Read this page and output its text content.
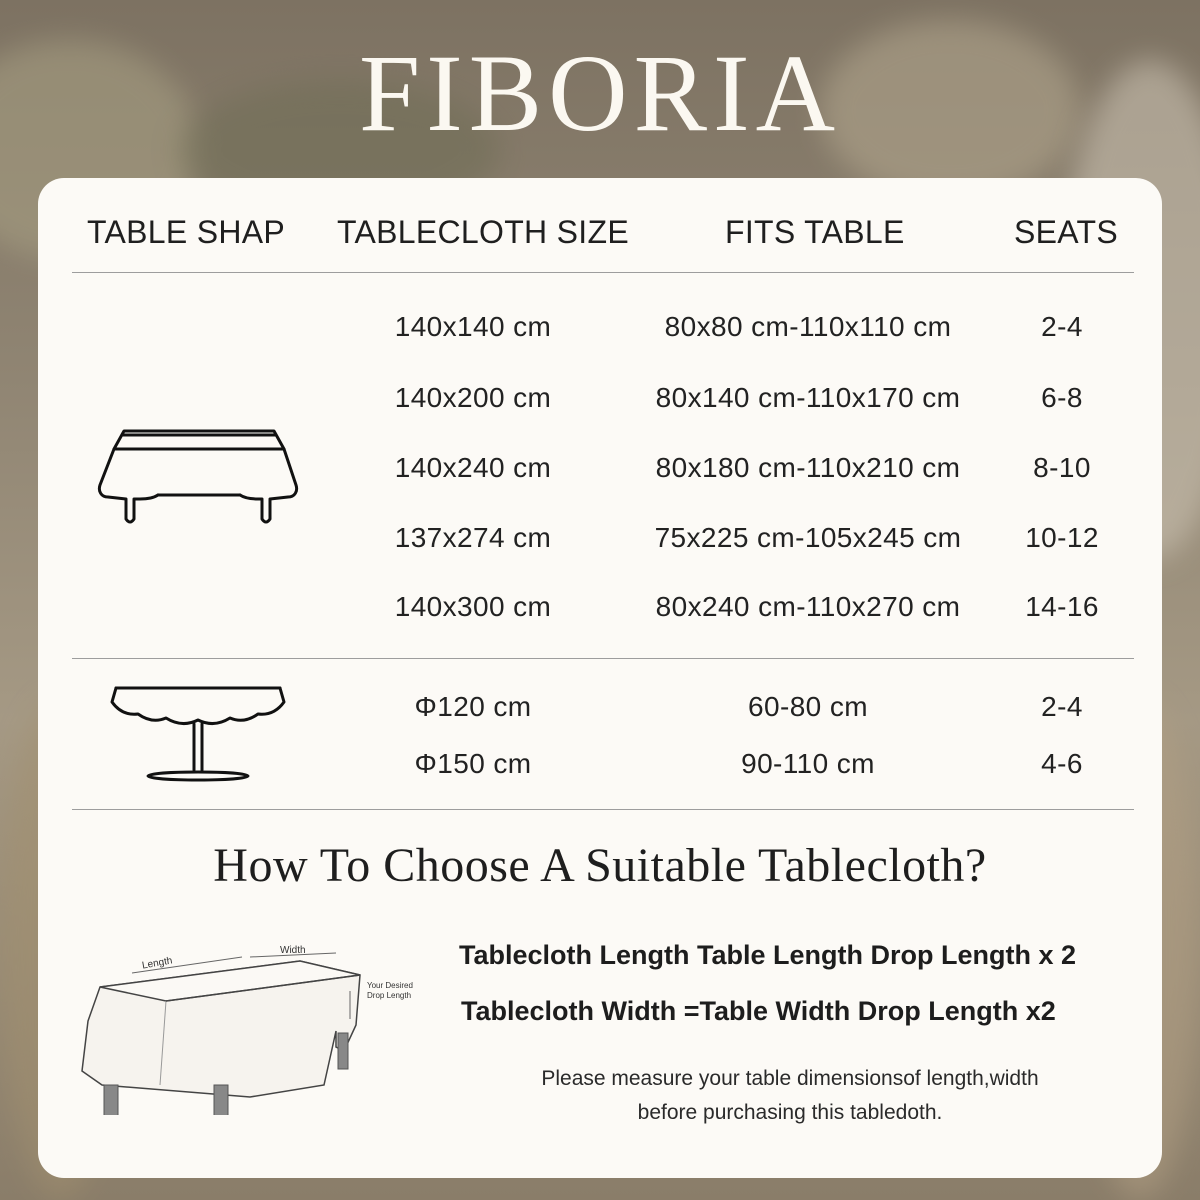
FIBORIA
TABLE SHAP TABLECLOTH SIZE	FITS TABLE	SEATS
140x140 cm	80x80 cm-110x110 cm	2-4
140x200 cm	80x140 cm-110x170 cm	6-8
140x240 cm	80x180 cm-110x210 cm	8-10
137x274 cm	75x225 cm-105x245 cm	10-12
140x300 cm	80x240 cm-110x270 cm	14-16
Φ120 cm	60-80 cm	2-4
Φ150 cm	90-110 cm	4-6
How To Choose A Suitable Tablecloth?
Length
Width
Your Desired
Drop Length
Tablecloth Length Table Length Drop Length x 2
Tablecloth Width =Table Width Drop Length x2
Please measure your table dimensionsof length,width
before purchasing this tabledoth.
